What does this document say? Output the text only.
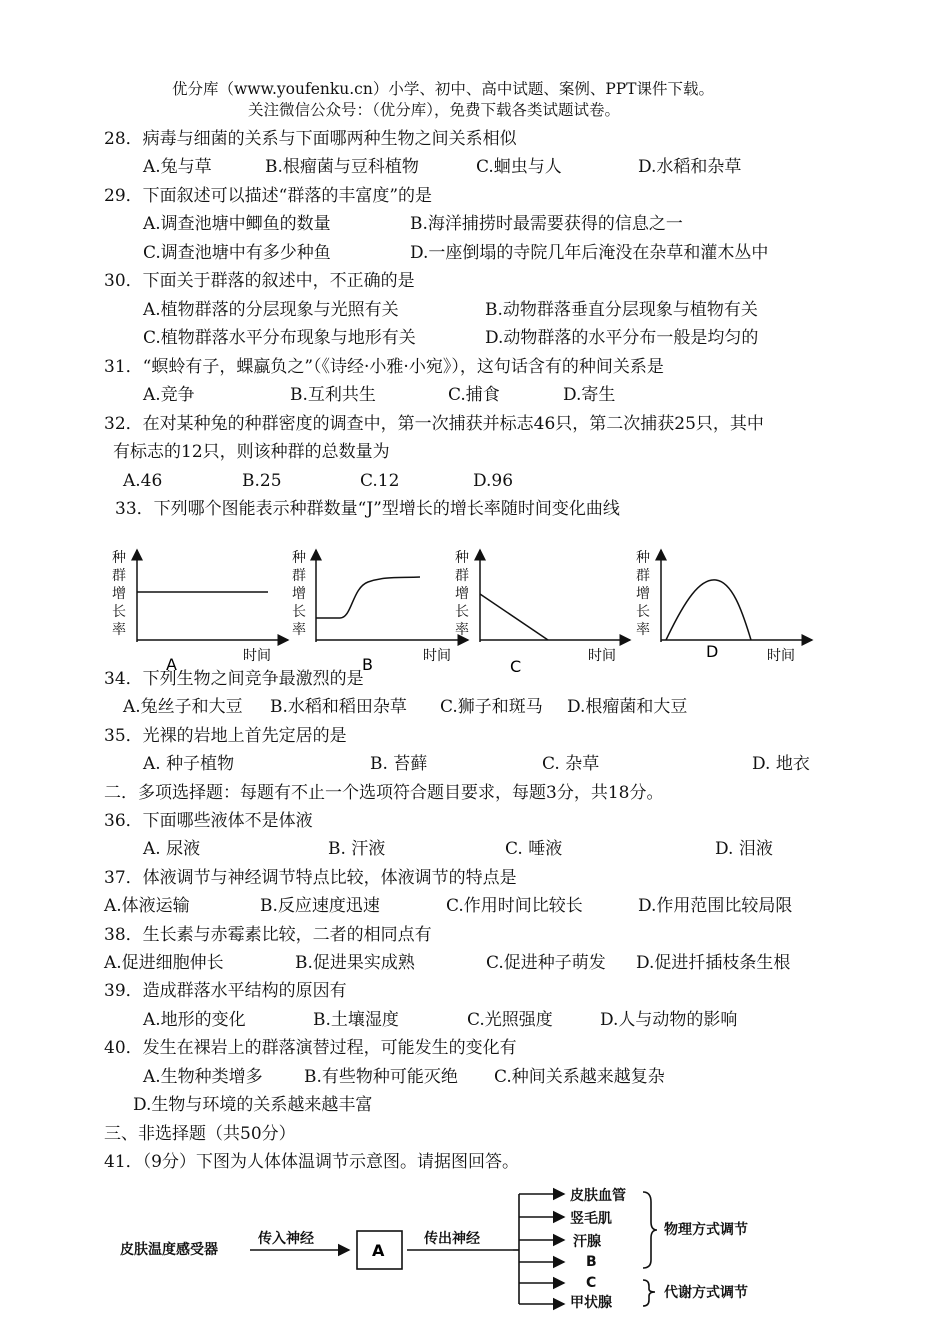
优分库（www.youfenku.cn）小学、初中、高中试题、案例、PPT课件下载。
关注微信公众号：（优分库），免费下载各类试题试卷。
28．病毒与细菌的关系与下面哪两种生物之间关系相似
A.兔与草	B.根瘤菌与豆科植物	C.蛔虫与人	D.水稻和杂草
29．下面叙述可以描述“群落的丰富度”的是
A.调查池塘中鲫鱼的数量	B.海洋捕捞时最需要获得的信息之一
C.调查池塘中有多少种鱼	D.一座倒塌的寺院几年后淹没在杂草和灌木丛中
30．下面关于群落的叙述中，不正确的是
A.植物群落的分层现象与光照有关	B.动物群落垂直分层现象与植物有关
C.植物群落水平分布现象与地形有关	D.动物群落的水平分布一般是均匀的
31．“螟蛉有子，蜾蠃负之”（《诗经·小雅·小宛》），这句话含有的种间关系是
A.竞争	B.互利共生	C.捕食	D.寄生
32．在对某种兔的种群密度的调查中，第一次捕获并标志46只，第二次捕获25只，其中
有标志的12只，则该种群的总数量为
A.46	B.25	C.12	D.96
33．下列哪个图能表示种群数量“J”型增长的增长率随时间变化曲线
种
群
增
长
率
时间
A
种
群
增
长
率
时间
B
种
群
增
长
率
时间
C
种
群
增
长
率
时间
D
34．下列生物之间竞争最激烈的是
A.兔丝子和大豆 B.水稻和稻田杂草 C.狮子和斑马 D.根瘤菌和大豆
35．光裸的岩地上首先定居的是
A. 种子植物	B. 苔藓	C. 杂草	D. 地衣
二．多项选择题：每题有不止一个选项符合题目要求，每题3分，共18分。
36．下面哪些液体不是体液
A. 尿液	B. 汗液	C. 唾液	D. 泪液
37．体液调节与神经调节特点比较，体液调节的特点是
A.体液运输	B.反应速度迅速	C.作用时间比较长	D.作用范围比较局限
38．生长素与赤霉素比较，二者的相同点有
A.促进细胞伸长	B.促进果实成熟	C.促进种子萌发 D.促进扦插枝条生根
39．造成群落水平结构的原因有
A.地形的变化	B.土壤湿度	C.光照强度	D.人与动物的影响
40．发生在裸岩上的群落演替过程，可能发生的变化有
A.生物种类增多 B.有些物种可能灭绝 C.种间关系越来越复杂
D.生物与环境的关系越来越丰富
三、非选择题（共50分）
41．（9分）下图为人体体温调节示意图。请据图回答。
皮肤温度感受器
传入神经	传出神经
皮肤血管
竖毛肌
汗腺
B
C
甲状腺
物理方式调节
代谢方式调节
A
